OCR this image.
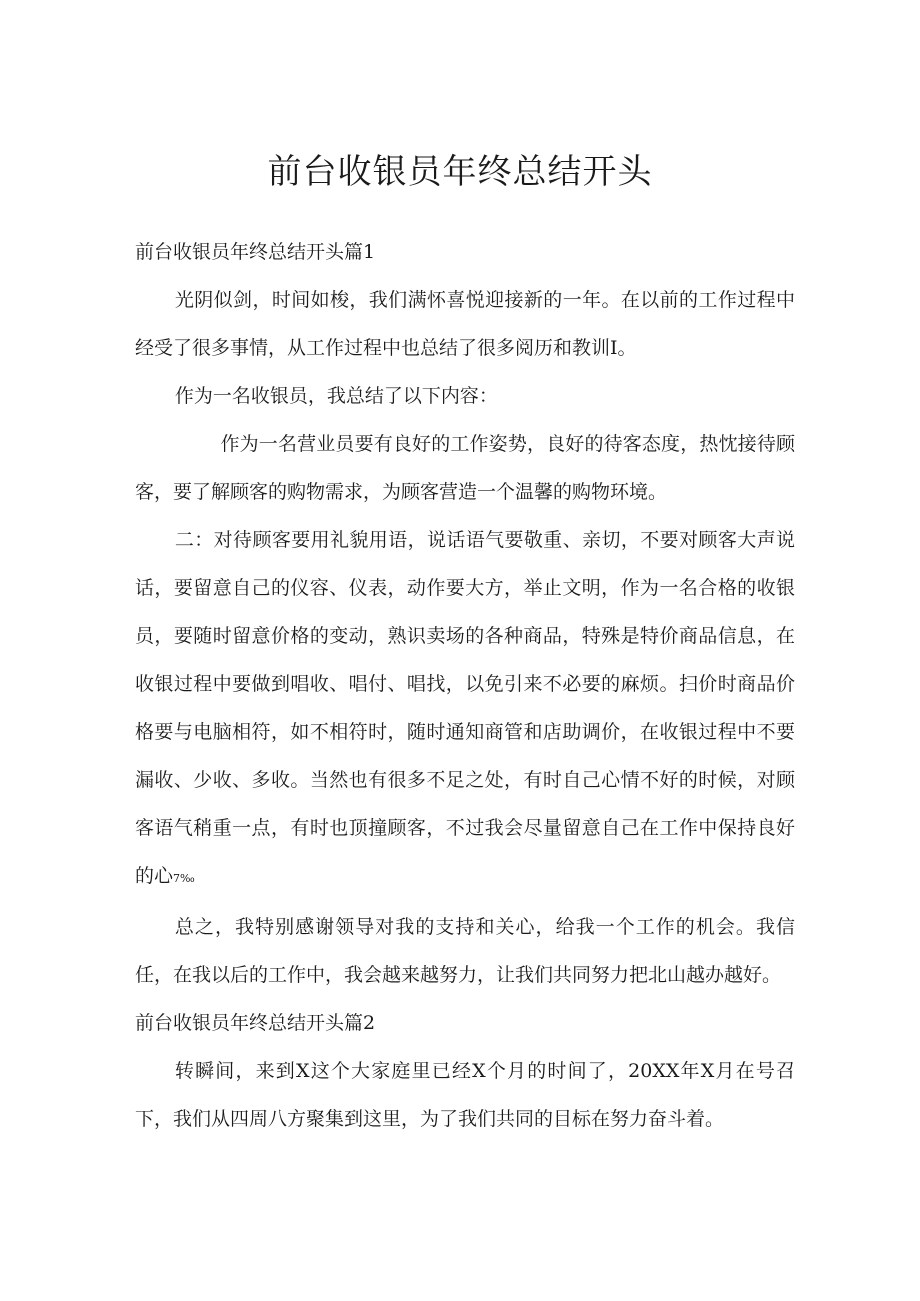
前台收银员年终总结开头

前台收银员年终总结开头篇1

光阴似剑，时间如梭，我们满怀喜悦迎接新的一年。在以前的工作过程中经受了很多事情，从工作过程中也总结了很多阅历和教训I。

作为一名收银员，我总结了以下内容：

作为一名营业员要有良好的工作姿势，良好的待客态度，热忱接待顾客，要了解顾客的购物需求，为顾客营造一个温馨的购物环境。

二：对待顾客要用礼貌用语，说话语气要敬重、亲切，不要对顾客大声说话，要留意自己的仪容、仪表，动作要大方，举止文明，作为一名合格的收银员，要随时留意价格的变动，熟识卖场的各种商品，特殊是特价商品信息，在收银过程中要做到唱收、唱付、唱找，以免引来不必要的麻烦。扫价时商品价格要与电脑相符，如不相符时，随时通知商管和店助调价，在收银过程中不要漏收、少收、多收。当然也有很多不足之处，有时自己心情不好的时候，对顾客语气稍重一点，有时也顶撞顾客，不过我会尽量留意自己在工作中保持良好的心7‰

总之，我特别感谢领导对我的支持和关心，给我一个工作的机会。我信任，在我以后的工作中，我会越来越努力，让我们共同努力把北山越办越好。

前台收银员年终总结开头篇2

转瞬间，来到X这个大家庭里已经X个月的时间了，20XX年X月在号召下，我们从四周八方聚集到这里，为了我们共同的目标在努力奋斗着。
